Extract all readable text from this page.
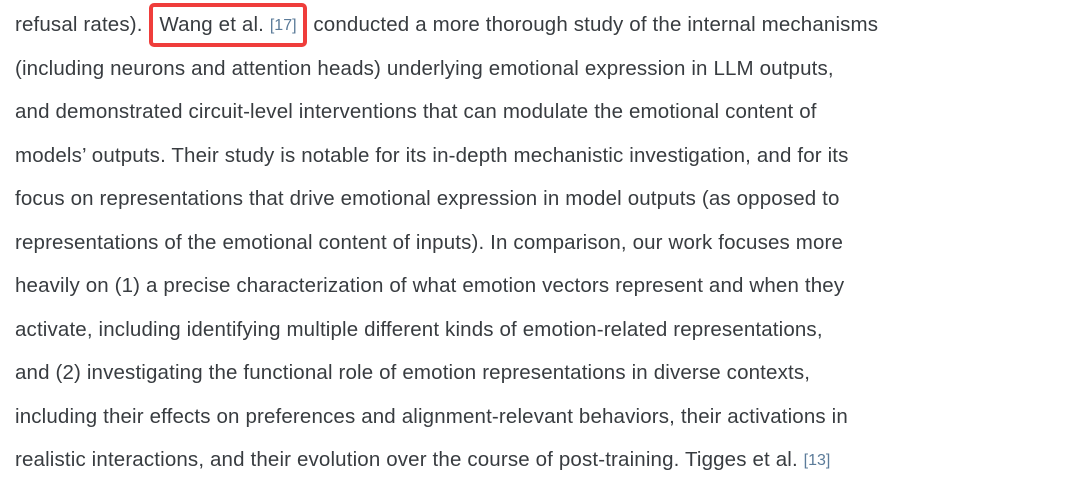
refusal rates). Wang et al. [17] conducted a more thorough study of the internal mechanisms
(including neurons and attention heads) underlying emotional expression in LLM outputs,
and demonstrated circuit-level interventions that can modulate the emotional content of
models’ outputs. Their study is notable for its in-depth mechanistic investigation, and for its
focus on representations that drive emotional expression in model outputs (as opposed to
representations of the emotional content of inputs). In comparison, our work focuses more
heavily on (1) a precise characterization of what emotion vectors represent and when they
activate, including identifying multiple different kinds of emotion-related representations,
and (2) investigating the functional role of emotion representations in diverse contexts,
including their effects on preferences and alignment-relevant behaviors, their activations in
realistic interactions, and their evolution over the course of post-training. Tigges et al. [13]
